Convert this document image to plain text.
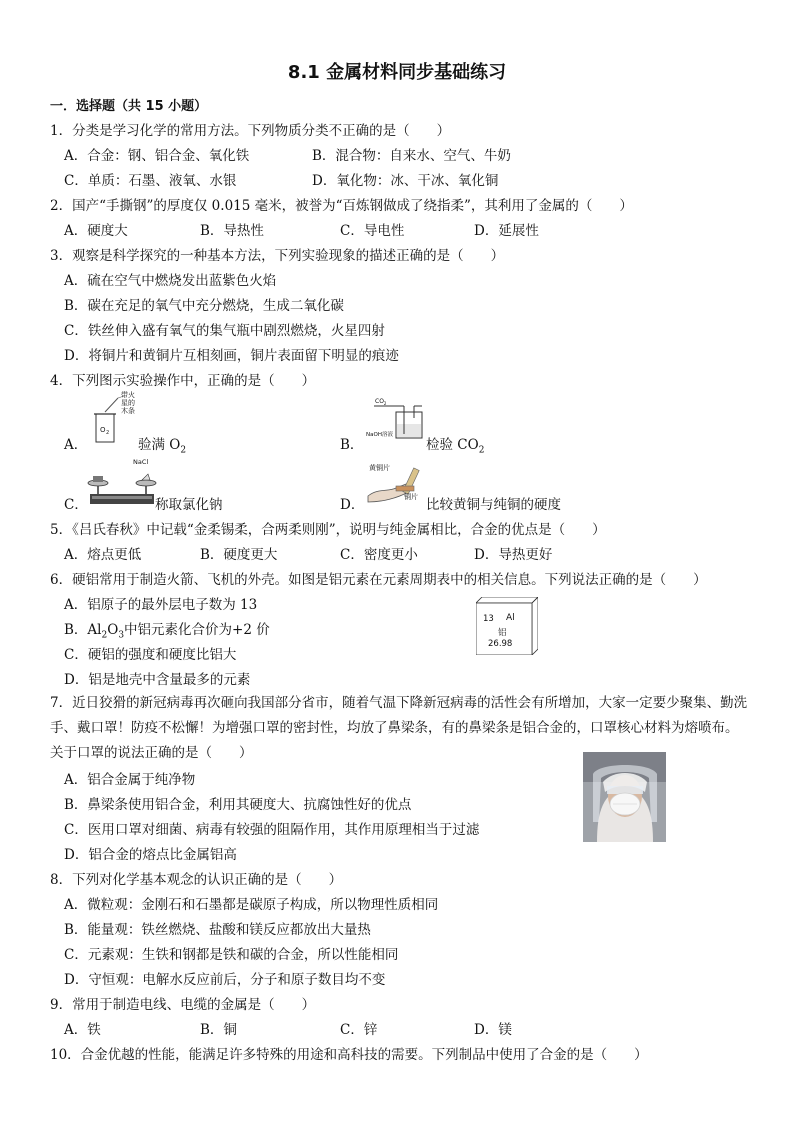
8.1 金属材料同步基础练习
一．选择题（共 15 小题）
1．分类是学习化学的常用方法。下列物质分类不正确的是（　　）
A．合金：钢、铝合金、氧化铁	B．混合物：自来水、空气、牛奶
C．单质：石墨、液氧、水银	D．氧化物：冰、干冰、氧化铜
2．国产“手撕钢”的厚度仅 0.015 毫米，被誉为“百炼钢做成了绕指柔”，其利用了金属的（　　）
A．硬度大	B．导热性	C．导电性	D．延展性
3．观察是科学探究的一种基本方法，下列实验现象的描述正确的是（　　）
A．硫在空气中燃烧发出蓝紫色火焰
B．碳在充足的氧气中充分燃烧，生成二氧化碳
C．铁丝伸入盛有氧气的集气瓶中剧烈燃烧，火星四射
D．将铜片和黄铜片互相刻画，铜片表面留下明显的痕迹
4．下列图示实验操作中，正确的是（　　）
O 2
带火
星的
木条
A．	验满 $O_2$
$CO_2$
NaOH溶液
B．	检验 $CO_2$
NaCl
C．	称取氯化钠
黄铜片
铜片
D．	比较黄铜与纯铜的硬度
5．《吕氏春秋》中记载“金柔锡柔，合两柔则刚”，说明与纯金属相比，合金的优点是（　　）
A．熔点更低	B．硬度更大	C．密度更小	D．导热更好
6．硬铝常用于制造火箭、飞机的外壳。如图是铝元素在元素周期表中的相关信息。下列说法正确的是（　　）
A．铝原子的最外层电子数为 13
B．$Al_2O_3$中铝元素化合价为+2 价
C．硬铝的强度和硬度比铝大
D．铝是地壳中含量最多的元素
13 Al
铝
26.98
7．近日狡猾的新冠病毒再次砸向我国部分省市，随着气温下降新冠病毒的活性会有所增加，大家一定要少聚集、勤洗手、戴口罩！防疫不松懈！为增强口罩的密封性，均放了鼻梁条，有的鼻梁条是铝合金的，口罩核心材料为熔喷布。关于口罩的说法正确的是（　　）
A．铝合金属于纯净物
B．鼻梁条使用铝合金，利用其硬度大、抗腐蚀性好的优点
C．医用口罩对细菌、病毒有较强的阻隔作用，其作用原理相当于过滤
D．铝合金的熔点比金属铝高
8．下列对化学基本观念的认识正确的是（　　）
A．微粒观：金刚石和石墨都是碳原子构成，所以物理性质相同
B．能量观：铁丝燃烧、盐酸和镁反应都放出大量热
C．元素观：生铁和钢都是铁和碳的合金，所以性能相同
D．守恒观：电解水反应前后，分子和原子数目均不变
9．常用于制造电线、电缆的金属是（　　）
A．铁	B．铜	C．锌	D．镁
10．合金优越的性能，能满足许多特殊的用途和高科技的需要。下列制品中使用了合金的是（　　）
